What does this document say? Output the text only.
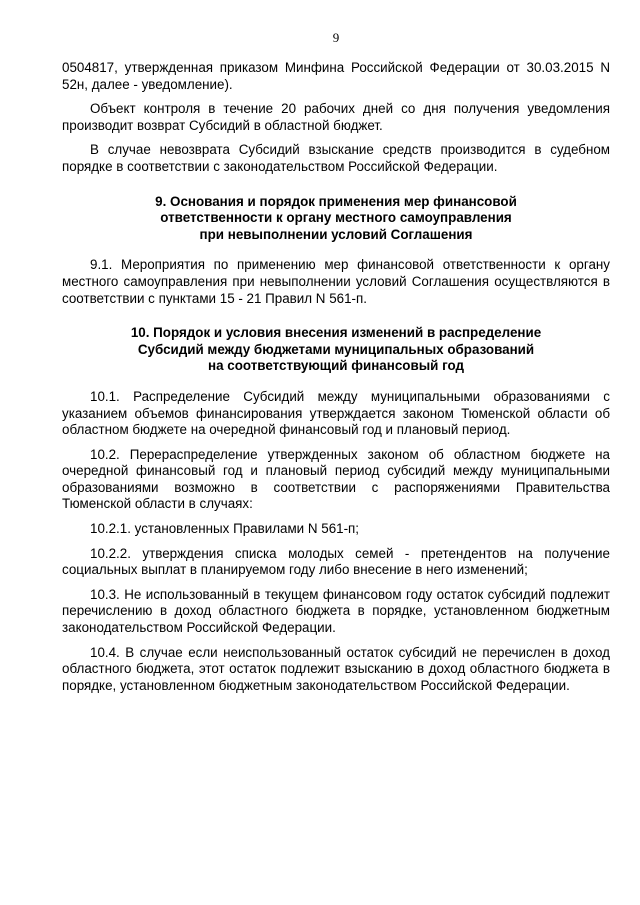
9

0504817, утвержденная приказом Минфина Российской Федерации от 30.03.2015 N 52н, далее - уведомление).

Объект контроля в течение 20 рабочих дней со дня получения уведомления производит возврат Субсидий в областной бюджет.

В случае невозврата Субсидий взыскание средств производится в судебном порядке в соответствии с законодательством Российской Федерации.

9. Основания и порядок применения мер финансовой
ответственности к органу местного самоуправления
при невыполнении условий Соглашения

9.1. Мероприятия по применению мер финансовой ответственности к органу местного самоуправления при невыполнении условий Соглашения осуществляются в соответствии с пунктами 15 - 21 Правил N 561-п.

10. Порядок и условия внесения изменений в распределение
Субсидий между бюджетами муниципальных образований
на соответствующий финансовый год

10.1. Распределение Субсидий между муниципальными образованиями с указанием объемов финансирования утверждается законом Тюменской области об областном бюджете на очередной финансовый год и плановый период.

10.2. Перераспределение утвержденных законом об областном бюджете на очередной финансовый год и плановый период субсидий между муниципальными образованиями возможно в соответствии с распоряжениями Правительства Тюменской области в случаях:

10.2.1. установленных Правилами N 561-п;

10.2.2. утверждения списка молодых семей - претендентов на получение социальных выплат в планируемом году либо внесение в него изменений;

10.3. Не использованный в текущем финансовом году остаток субсидий подлежит перечислению в доход областного бюджета в порядке, установленном бюджетным законодательством Российской Федерации.

10.4. В случае если неиспользованный остаток субсидий не перечислен в доход областного бюджета, этот остаток подлежит взысканию в доход областного бюджета в порядке, установленном бюджетным законодательством Российской Федерации.
